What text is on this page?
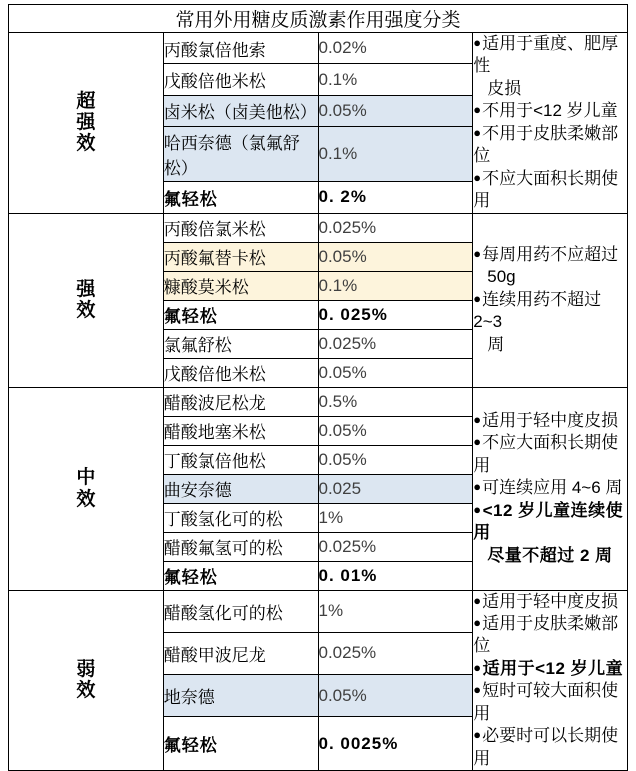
常用外用糖皮质激素作用强度分类			

超强效	丙酸氯倍他索	0.02%	● 适用于重度、肥厚性
皮损
● 不用于<12 岁儿童
● 不用于皮肤柔嫩部位
● 不应大面积长期使用

	戊酸倍他米松	0.1%	
	卤米松（卤美他松）	0.05%	
	哈西奈德（氯氟舒松）	0.1%	
	氟轻松	0. 2%	

强效	丙酸倍氯米松	0.025%	● 每周用药不应超过
50g
● 连续用药不超过 2~3
周

	丙酸氟替卡松	0.05%	
	糠酸莫米松	0.1%	
	氟轻松	0. 025%	
	氯氟舒松	0.025%	
	戊酸倍他米松	0.05%	

中效	醋酸波尼松龙	0.5%	● 适用于轻中度皮损
● 不应大面积长期使用
● 可连续应用 4~6 周
● <12 岁儿童连续使用
尽量不超过 2 周

	醋酸地塞米松	0.05%	
	丁酸氯倍他松	0.05%	
	曲安奈德	0.025	
	丁酸氢化可的松	1%	
	醋酸氟氢可的松	0.025%	
	氟轻松	0. 01%	

弱效	醋酸氢化可的松	1%	● 适用于轻中度皮损
● 适用于皮肤柔嫩部位
● 适用于<12 岁儿童
● 短时可较大面积使用
● 必要时可以长期使用

	醋酸甲波尼龙	0.025%	
	地奈德	0.05%	
	氟轻松	0. 0025%	
